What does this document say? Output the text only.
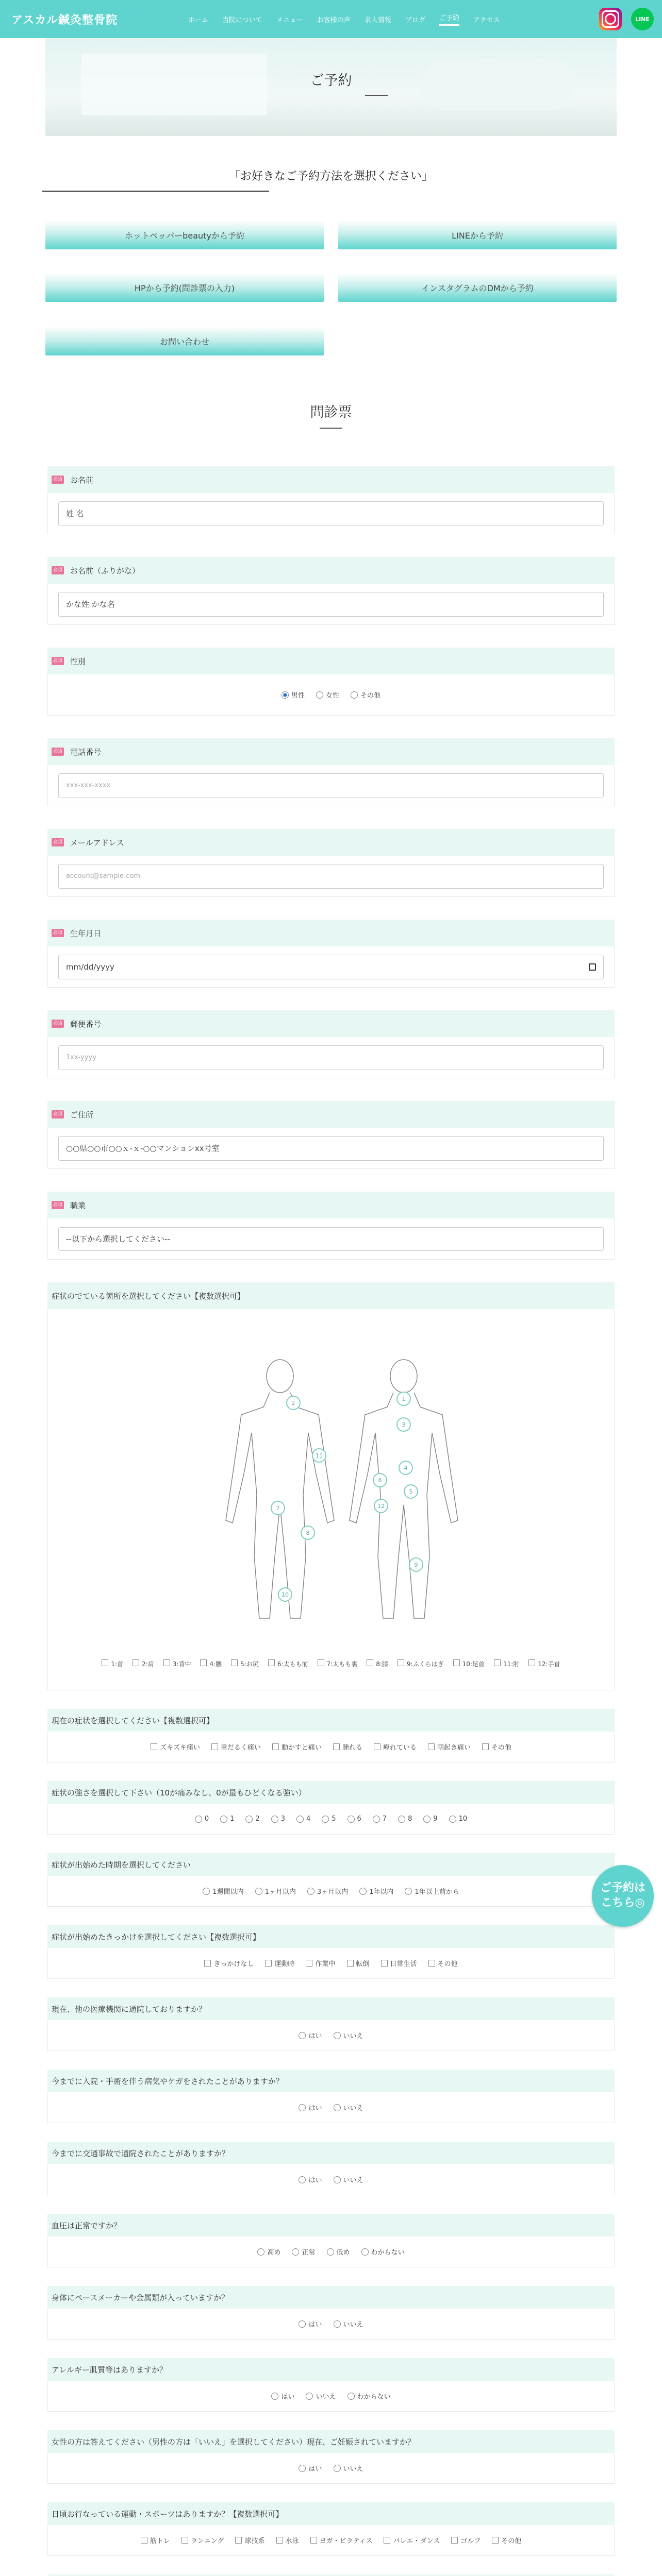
アスカル鍼灸整骨院	ホーム 当院について メニュー お客様の声 求人情報 ブログ ご予約 アクセス	LINE
ご予約
「お好きなご予約方法を選択ください」
ホットペッパーbeautyから予約	LINEから予約
HPから予約(問診票の入力)	インスタグラムのDMから予約
お問い合わせ
問診票
必須 お名前
姓 名
必須 お名前（ふりがな）
かな姓 かな名
必須 性別
男性	女性	その他
必須 電話番号
xxx-xxx-xxxx
必須 メールアドレス
account@sample.com
必須 生年月日
mm/dd/yyyy
必須 郵便番号
1xx-yyyy
必須 ご住所
○○県○○市○○ｘ-ｘ-○○マンションxx号室
必須 職業
--以下から選択してください--
症状のでている箇所を選択してください【複数選択可】
2
11
7
8
10
1
3
4
5
12
6
9
1:首	2:肩	3:背中	4:腰	5:お尻	6:太もも前	7:太もも裏	8:膝	9:ふくらはぎ	10:足首	11:肘	12:手首
現在の症状を選択してください【複数選択可】
ズキズキ痛い	重だるく痛い	動かすと痛い	腫れる	痺れている	朝起き痛い	その他
症状の強さを選択して下さい（10が痛みなし、0が最もひどくなる強い）
0	1	2	3	4	5	6	7	8	9	10
症状が出始めた時期を選択してください
1週間以内	1ヶ月以内	3ヶ月以内	1年以内	1年以上前から
症状が出始めたきっかけを選択してください【複数選択可】
きっかけなし	運動時	作業中	転倒	日常生活	その他
現在、他の医療機関に通院しておりますか？
はい	いいえ
今までに入院・手術を伴う病気やケガをされたことがありますか？
はい	いいえ
今までに交通事故で通院されたことがありますか？
はい	いいえ
血圧は正常ですか？
高め	正常	低め	わからない
身体にペースメーカーや金属類が入っていますか？
はい	いいえ
アレルギー肌質等はありますか？
はい	いいえ	わからない
女性の方は答えてください（男性の方は「いいえ」を選択してください）現在、ご妊娠されていますか？
はい	いいえ
日頃お行なっている運動・スポーツはありますか？【複数選択可】
筋トレ	ランニング	球技系	水泳	ヨガ・ピラティス	バレエ・ダンス	ゴルフ	その他
ご予約は
こちら◎
